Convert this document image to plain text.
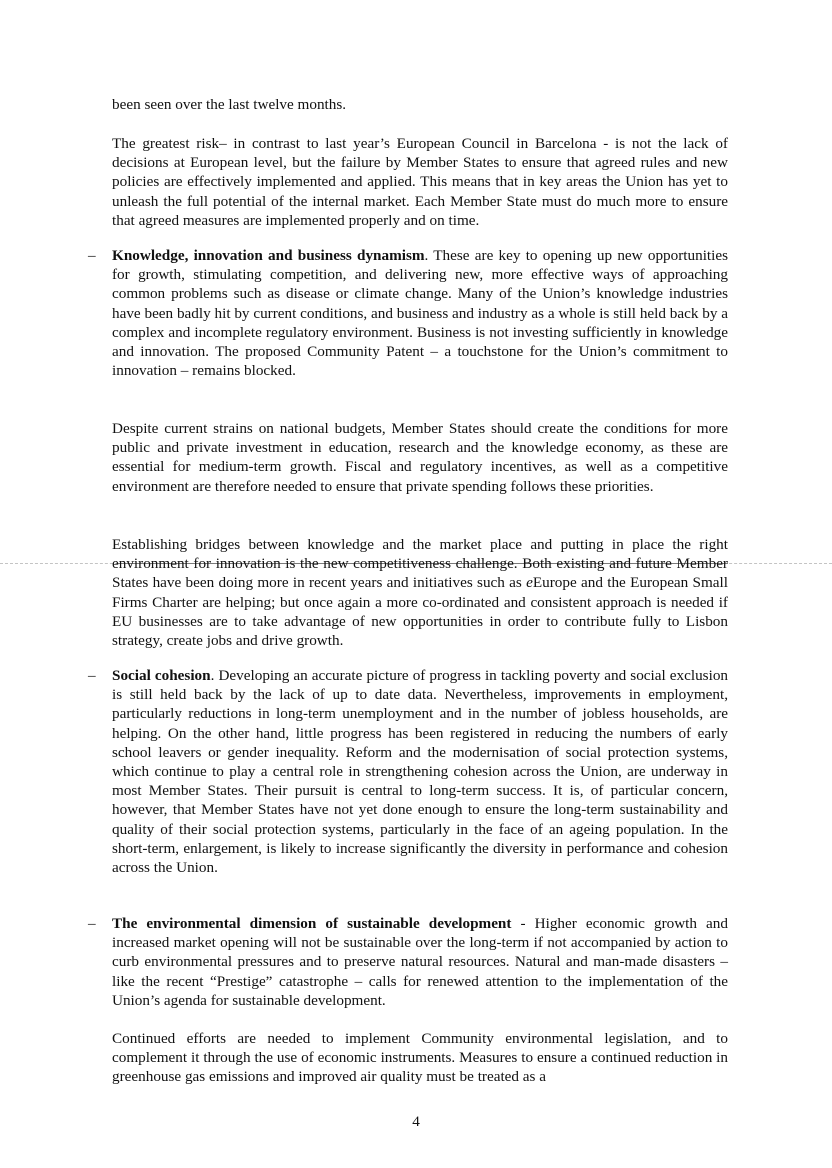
been seen over the last twelve months.

The greatest risk– in contrast to last year’s European Council in Barcelona - is not the lack of decisions at European level, but the failure by Member States to ensure that agreed rules and new policies are effectively implemented and applied. This means that in key areas the Union has yet to unleash the full potential of the internal market. Each Member State must do much more to ensure that agreed measures are implemented properly and on time.

– Knowledge, innovation and business dynamism. These are key to opening up new opportunities for growth, stimulating competition, and delivering new, more effective ways of approaching common problems such as disease or climate change. Many of the Union’s knowledge industries have been badly hit by current conditions, and business and industry as a whole is still held back by a complex and incomplete regulatory environment. Business is not investing sufficiently in knowledge and innovation. The proposed Community Patent – a touchstone for the Union’s commitment to innovation – remains blocked.

Despite current strains on national budgets, Member States should create the conditions for more public and private investment in education, research and the knowledge economy, as these are essential for medium-term growth. Fiscal and regulatory incentives, as well as a competitive environment are therefore needed to ensure that private spending follows these priorities.

Establishing bridges between knowledge and the market place and putting in place the right environment for innovation is the new competitiveness challenge. Both existing and future Member States have been doing more in recent years and initiatives such as eEurope and the European Small Firms Charter are helping; but once again a more co-ordinated and consistent approach is needed if EU businesses are to take advantage of new opportunities in order to contribute fully to Lisbon strategy, create jobs and drive growth.

– Social cohesion. Developing an accurate picture of progress in tackling poverty and social exclusion is still held back by the lack of up to date data. Nevertheless, improvements in employment, particularly reductions in long-term unemployment and in the number of jobless households, are helping. On the other hand, little progress has been registered in reducing the numbers of early school leavers or gender inequality. Reform and the modernisation of social protection systems, which continue to play a central role in strengthening cohesion across the Union, are underway in most Member States. Their pursuit is central to long-term success. It is, of particular concern, however, that Member States have not yet done enough to ensure the long-term sustainability and quality of their social protection systems, particularly in the face of an ageing population. In the short-term, enlargement, is likely to increase significantly the diversity in performance and cohesion across the Union.

– The environmental dimension of sustainable development - Higher economic growth and increased market opening will not be sustainable over the long-term if not accompanied by action to curb environmental pressures and to preserve natural resources. Natural and man-made disasters – like the recent “Prestige” catastrophe – calls for renewed attention to the implementation of the Union’s agenda for sustainable development.

Continued efforts are needed to implement Community environmental legislation, and to complement it through the use of economic instruments. Measures to ensure a continued reduction in greenhouse gas emissions and improved air quality must be treated as a

4
